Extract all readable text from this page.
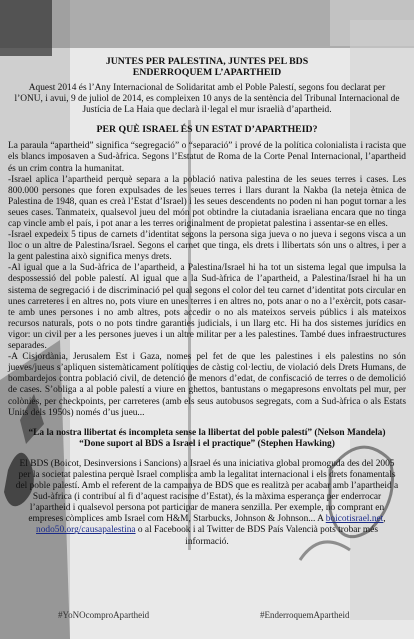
JUNTES PER PALESTINA, JUNTES PEL BDS
ENDERROQUEM L’APARTHEID

Aquest 2014 és l’Any Internacional de Solidaritat amb el Poble Palestí, segons fou declarat per l’ONU, i avui, 9 de juliol de 2014, es compleixen 10 anys de la sentència del Tribunal Internacional de Justícia de La Haia que declarà il·legal el mur israelià d’apartheid.

PER QUÈ ISRAEL ÉS UN ESTAT D’APARTHEID?

La paraula “apartheid” significa “segregació” o “separació” i prové de la política colonialista i racista que els blancs imposaven a Sud-àfrica. Segons l’Estatut de Roma de la Corte Penal Internacional, l’apartheid és un crim contra la humanitat.

-Israel aplica l’apartheid perquè separa a la població nativa palestina de les seues terres i cases. Les 800.000 persones que foren expulsades de les seues terres i llars durant la Nakba (la neteja ètnica de Palestina de 1948, quan es creà l’Estat d’Israel) i les seues descendents no poden ni han pogut tornar a les seues cases. Tanmateix, qualsevol jueu del món pot obtindre la ciutadania israeliana encara que no tinga cap vincle amb el país, i pot anar a les terres originalment de propietat palestina i assentar-se en elles.

-Israel expedeix 5 tipus de carnets d’identitat segons la persona siga jueva o no jueva i segons visca a un lloc o un altre de Palestina/Israel. Segons el carnet que tinga, els drets i llibertats són uns o altres, i per a la gent palestina això significa menys drets.

-Al igual que a la Sud-àfrica de l’apartheid, a Palestina/Israel hi ha tot un sistema legal que impulsa la despossessió del poble palestí. Al igual que a la Sud-àfrica de l’apartheid, a Palestina/Israel hi ha un sistema de segregació i de discriminació pel qual segons el color del teu carnet d’identitat pots circular en unes carreteres i en altres no, pots viure en unes terres i en altres no, pots anar o no a l’exèrcit, pots casar-te amb unes persones i no amb altres, pots accedir o no als mateixos serveis públics i als mateixos recursos naturals, pots o no pots tindre garanties judicials, i un llarg etc. Hi ha dos sistemes jurídics en vigor: un civil per a les persones jueves i un altre militar per a les palestines. També dues infraestructures separades.

-A Cisjordània, Jerusalem Est i Gaza, nomes pel fet de que les palestines i els palestins no són jueves/jueus s’apliquen sistemàticament polítiques de càstig col·lectiu, de violació dels Drets Humans, de bombardejos contra població civil, de detenció de menors d’edat, de confiscació de terres o de demolició de cases. S’obliga a al poble palestí a viure en ghettos, bantustans o megapresons envoltats pel mur, per colònies, per checkpoints, per carreteres (amb els seus autobusos segregats, com a Sud-àfrica o als Estats Units dels 1950s) només d’us jueu...

“La la nostra llibertat és incompleta sense la llibertat del poble palestí” (Nelson Mandela)
“Done suport al BDS a Israel i el practique” (Stephen Hawking)

El BDS (Boicot, Desinversions i Sancions) a Israel és una iniciativa global promoguda des del 2005 per la societat palestina perquè Israel complisca amb la legalitat internacional i els drets fonamentals del poble palestí. Amb el referent de la campanya de BDS que es realitzà per acabar amb l’apartheid a Sud-àfrica (i contribuí al fi d’aquest racisme d’Estat), és la màxima esperança per enderrocar l’apartheid i qualsevol persona pot participar de manera senzilla. Per exemple, no comprant en empreses còmplices amb Israel com H&M, Starbucks, Johnson & Johnson... A boicotisrael.net, nodo50.org/causapalestina o al Facebook i al Twitter de BDS País Valencià pots trobar més informació.

#YoNOcomproApartheid	#EnderroquemApartheid
